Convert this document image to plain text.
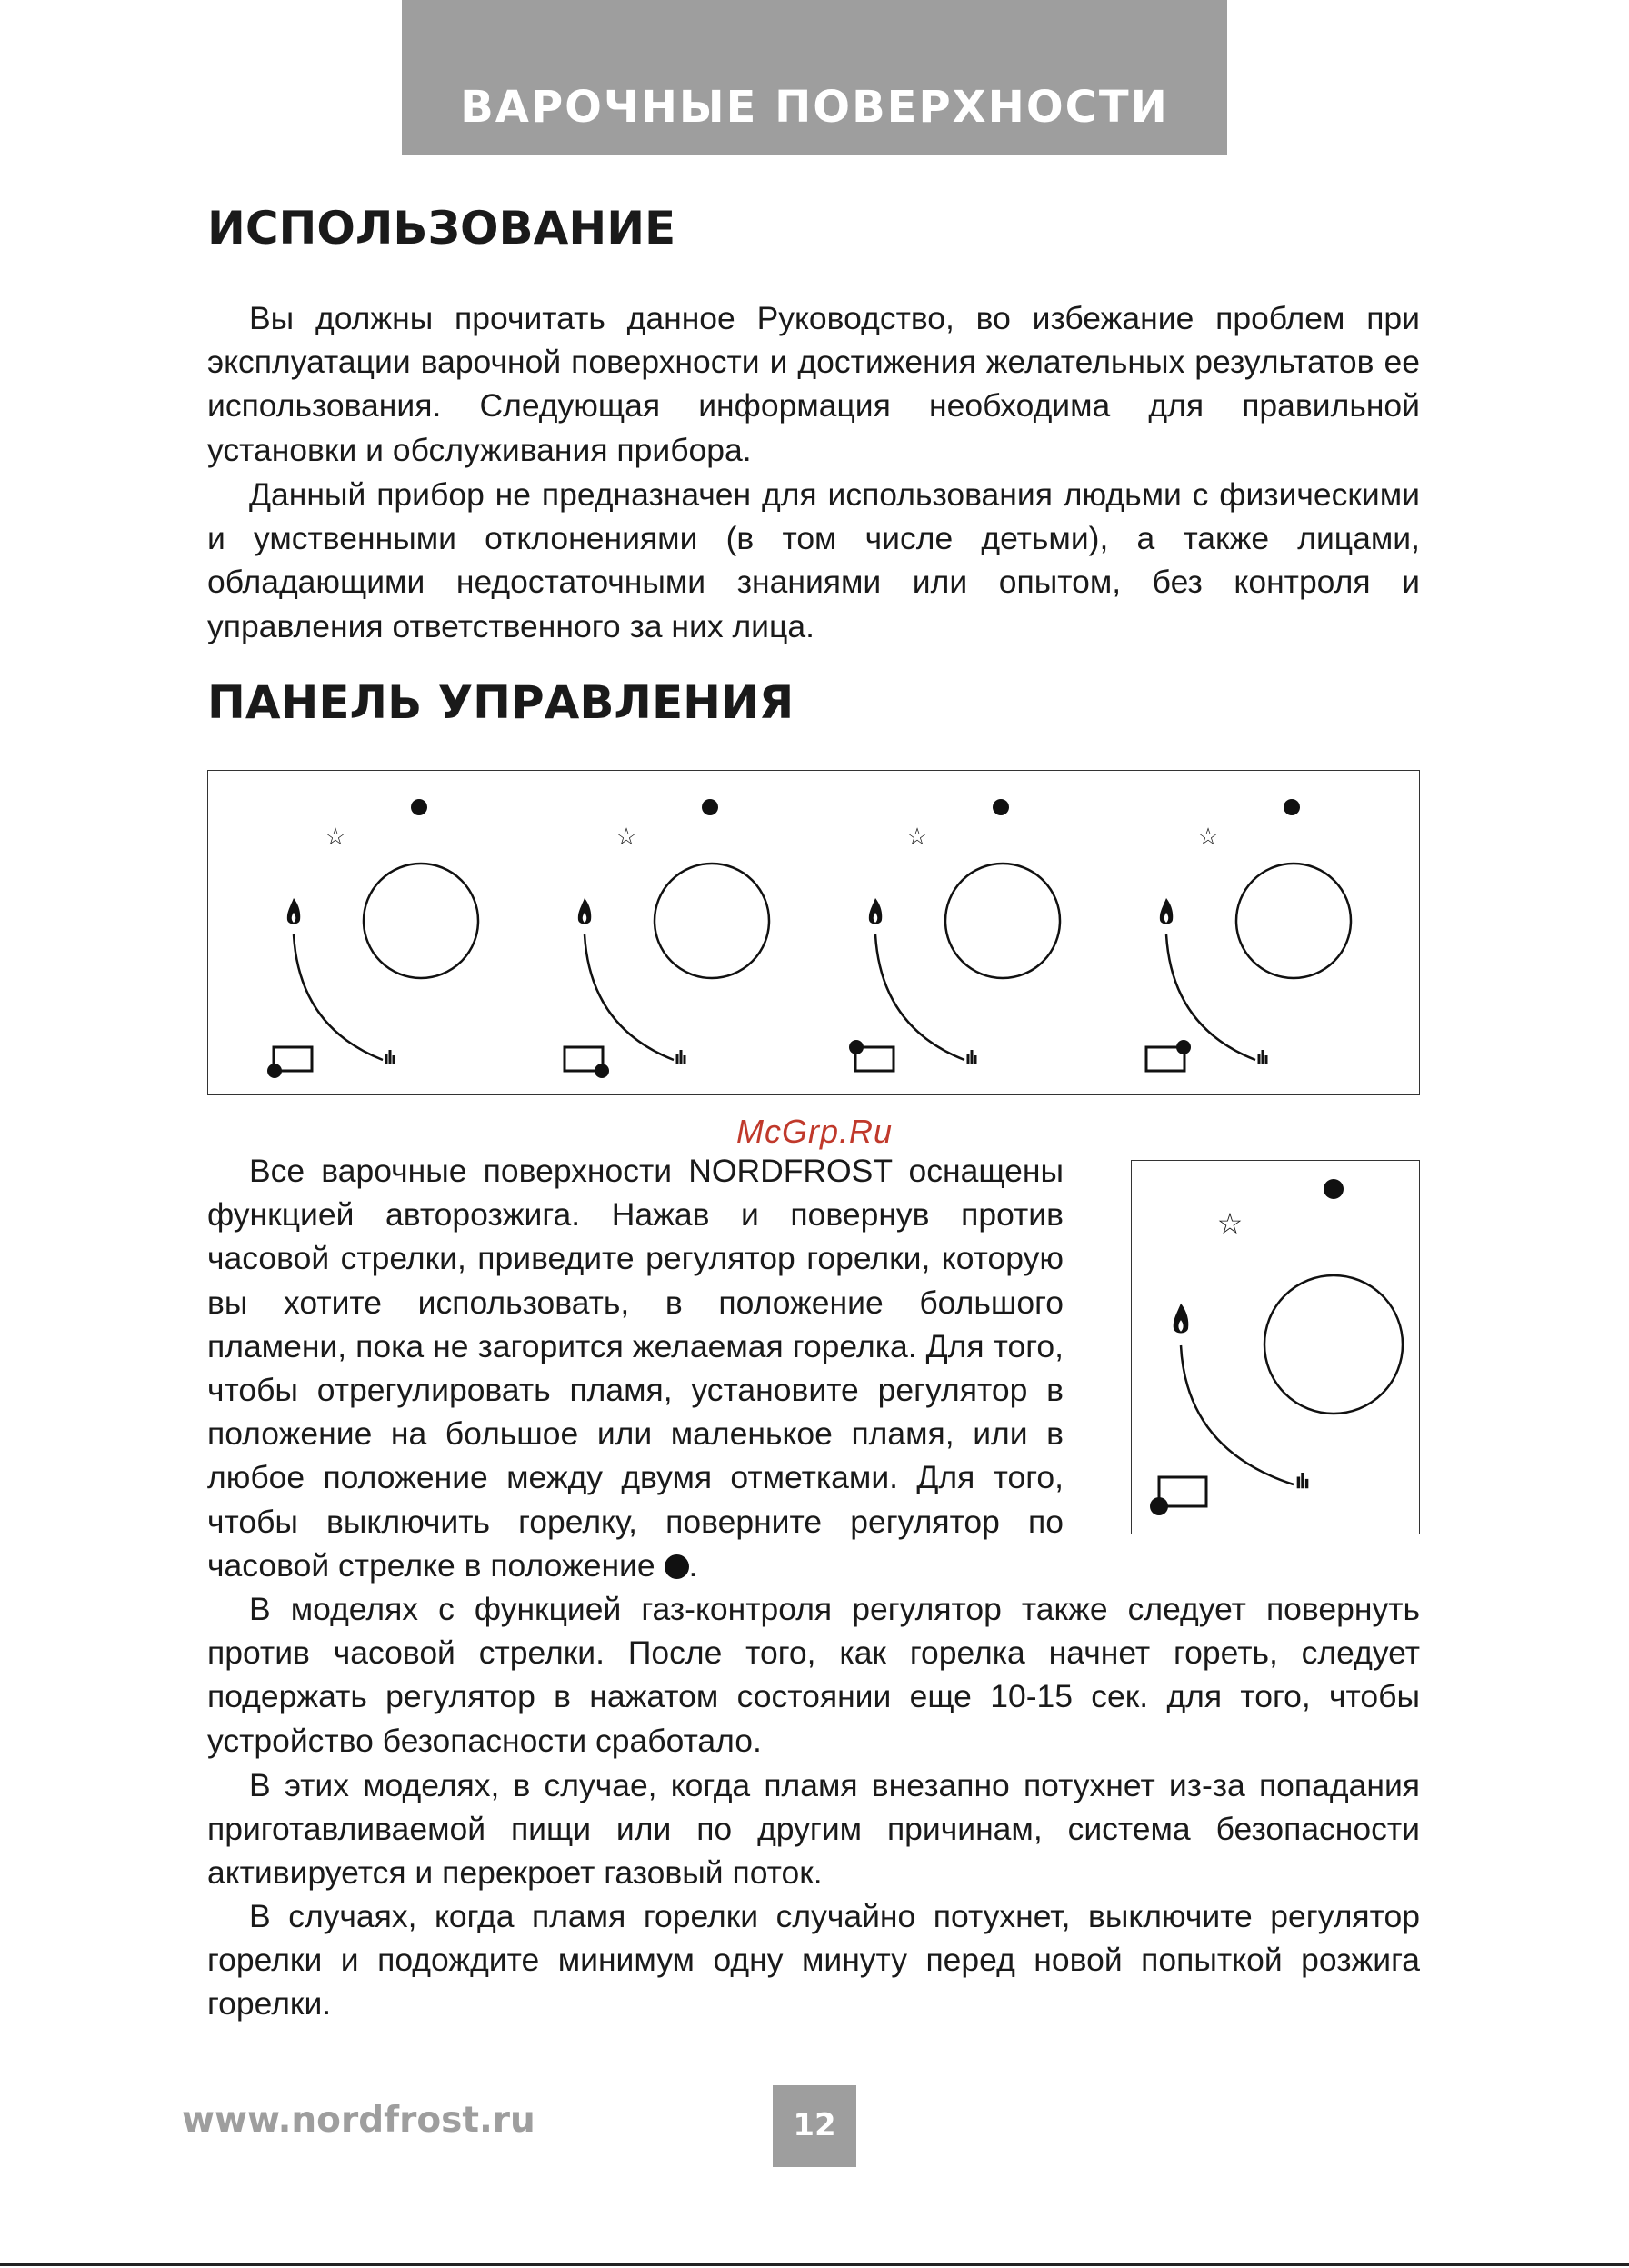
ВАРОЧНЫЕ ПОВЕРХНОСТИ
ИСПОЛЬЗОВАНИЕ

Вы должны прочитать данное Руководство, во избежание проблем при эксплуатации варочной поверхности и достижения желательных результатов ее использования. Следующая информация необходима для правильной установки и обслуживания прибора.

Данный прибор не предназначен для использования людьми с физическими и умственными отклонениями (в том числе детьми), а также лицами, обладающими недостаточными знаниями или опытом, без контроля и управления ответственного за них лица.

ПАНЕЛЬ УПРАВЛЕНИЯ
McGrp.Ru
☆

Все варочные поверхности NORDFROST оснащены функцией авторозжига. Нажав и повернув против часовой стрелки, приведите регулятор горелки, которую вы хотите использовать, в положение большого пламени, пока не загорится желаемая горелка. Для того, чтобы отрегулировать пламя, установите регулятор в положение на большое или маленькое пламя, или в любое положение между двумя отметками. Для того, чтобы выключить горелку, поверните регулятор по часовой стрелке в положение .

В моделях с функцией газ-контроля регулятор также следует повернуть против часовой стрелки. После того, как горелка начнет гореть, следует подержать регулятор в нажатом состоянии еще 10-15 сек. для того, чтобы устройство безопасности сработало.

В этих моделях, в случае, когда пламя внезапно потухнет из-за попадания приготавливаемой пищи или по другим причинам, система безопасности активируется и перекроет газовый поток.

В случаях, когда пламя горелки случайно потухнет, выключите регулятор горелки и подождите минимум одну минуту перед новой попыткой розжига горелки.

www.nordfrost.ru	12
